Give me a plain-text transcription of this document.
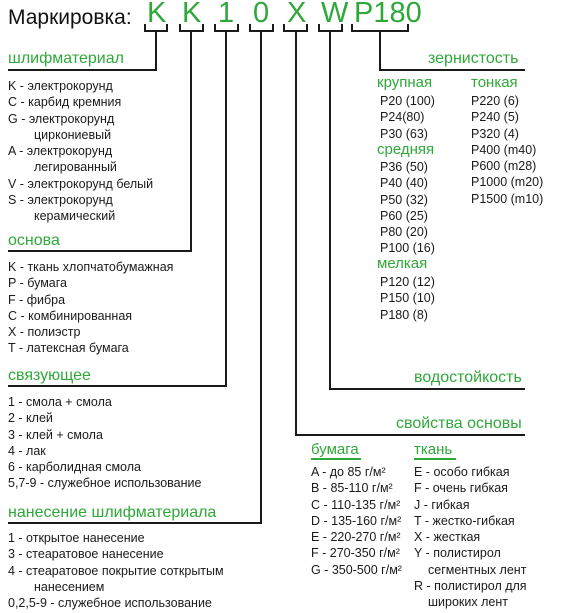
Маркировка: K K 1 0 X W P180
шлифматериал
K - электрокорунд
C - карбид кремния
G - электрокорунд
циркониевый
A - электрокорунд
легированный
V - электрокорунд белый
S - электрокорунд
керамический
основа
K - ткань хлопчатобумажная
P - бумага
F - фибра
C - комбинированная
X - полиэстр
T - латексная бумага
связующее
1 - смола + смола
2 - клей
3 - клей + смола
4 - лак
6 - карболидная смола
5,7-9 - служебное использование
нанесение шлифматериала
1 - открытое нанесение
3 - стеаратовое нанесение
4 - стеаратовое покрытие соткрытым
нанесением
0,2,5-9 - служебное использование
зернистость
крупная
P20 (100)
P24(80)
P30 (63)
средняя
P36 (50)
P40 (40)
P50 (32)
P60 (25)
P80 (20)
P100 (16)
мелкая
P120 (12)
P150 (10)
P180 (8)
тонкая
P220 (6)
P240 (5)
P320 (4)
P400 (m40)
P600 (m28)
P1000 (m20)
P1500 (m10)
водостойкость
свойства основы
бумага
A - до 85 г/м²
B - 85-110 г/м²
C - 110-135 г/м²
D - 135-160 г/м²
E - 220-270 г/м²
F - 270-350 г/м²
G - 350-500 г/м²
ткань
E - особо гибкая
F - очень гибкая
J - гибкая
T - жестко-гибкая
X - жесткая
Y - полистирол
сегментных лент
R - полистирол для
широких лент
